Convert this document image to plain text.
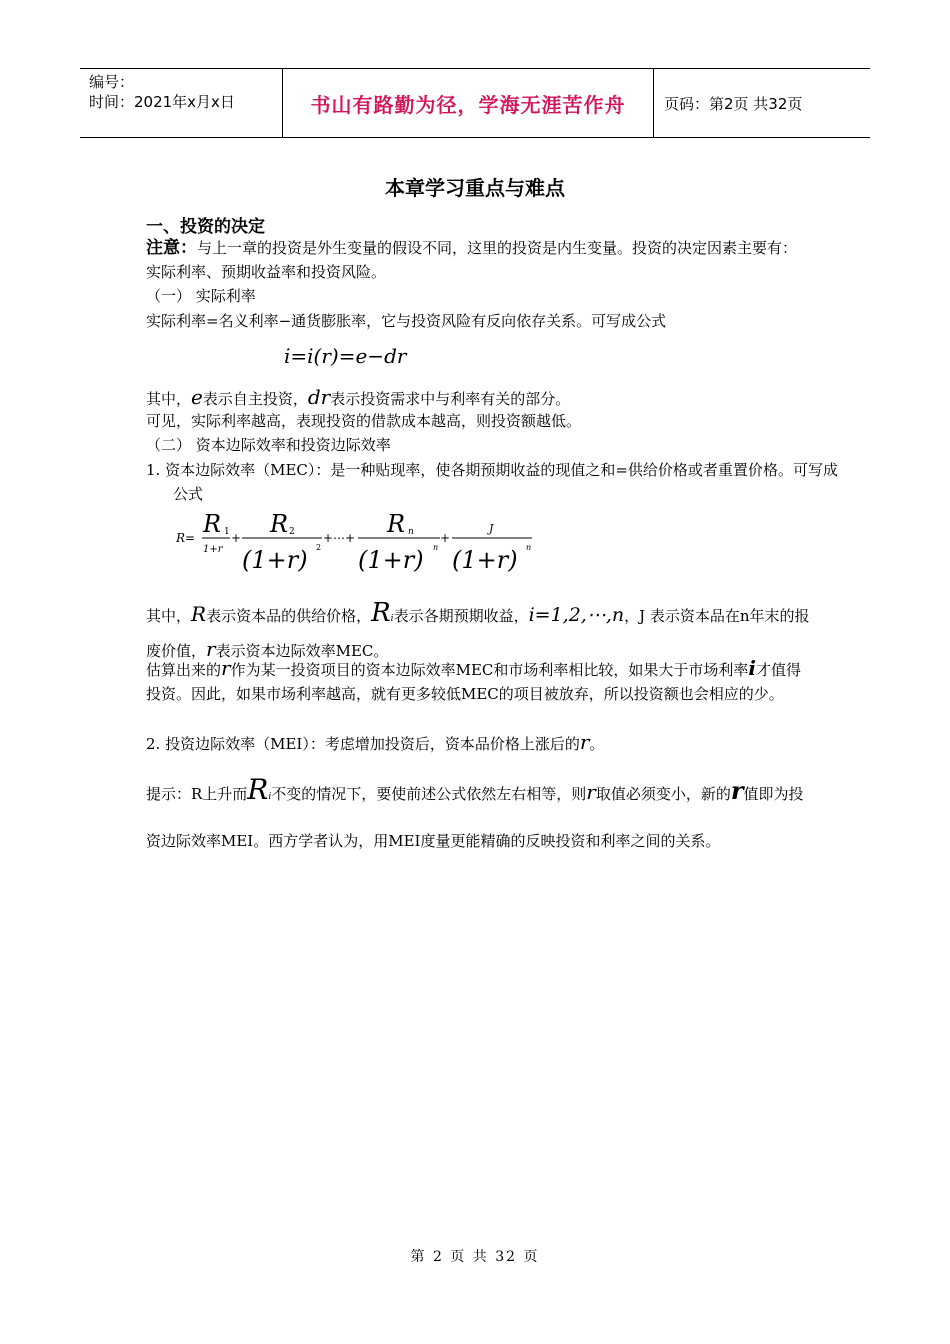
编号：
时间：2021年x月x日	书山有路勤为径，学海无涯苦作舟	页码：第2页 共32页
本章学习重点与难点
一、投资的决定
注意：与上一章的投资是外生变量的假设不同，这里的投资是内生变量。投资的决定因素主要有：实际利率、预期收益率和投资风险。
（一） 实际利率
实际利率=名义利率−通货膨胀率，它与投资风险有反向依存关系。可写成公式
i=i(r)=e−dr
其中，e表示自主投资，dr表示投资需求中与利率有关的部分。
可见，实际利率越高，表现投资的借款成本越高，则投资额越低。
（二） 资本边际效率和投资边际效率
1. 资本边际效率（MEC）：是一种贴现率，使各期预期收益的现值之和=供给价格或者重置价格。可写成公式
R= R 1
1+r
+ R 2
(1+r) 2
+⋯+ R n
(1+r) n
+
J
(1+r) n
其中，R表示资本品的供给价格，Ri表示各期预期收益，i=1,2,⋯,n，J 表示资本品在n年末的报废价值，r表示资本边际效率MEC。
估算出来的r作为某一投资项目的资本边际效率MEC和市场利率相比较，如果大于市场利率i才值得投资。因此，如果市场利率越高，就有更多较低MEC的项目被放弃，所以投资额也会相应的少。
2. 投资边际效率（MEI）：考虑增加投资后，资本品价格上涨后的r。
提示：R上升而Ri不变的情况下，要使前述公式依然左右相等，则r取值必须变小，新的r值即为投资边际效率MEI。西方学者认为，用MEI度量更能精确的反映投资和利率之间的关系。
第 2 页 共 32 页
